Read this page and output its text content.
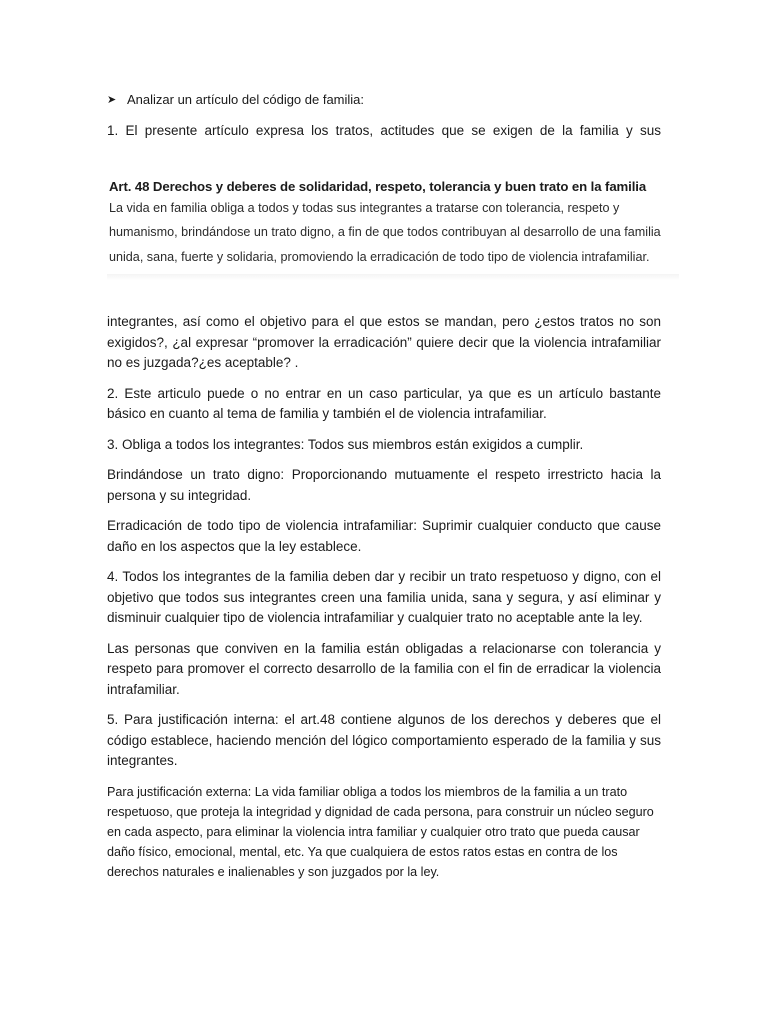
➤ Analizar un artículo del código de familia:
1. El presente artículo expresa los tratos, actitudes que se exigen de la familia y sus
Art. 48 Derechos y deberes de solidaridad, respeto, tolerancia y buen trato en la familia
La vida en familia obliga a todos y todas sus integrantes a tratarse con tolerancia, respeto y
humanismo, brindándose un trato digno, a fin de que todos contribuyan al desarrollo de una familia
unida, sana, fuerte y solidaria, promoviendo la erradicación de todo tipo de violencia intrafamiliar.

integrantes, así como el objetivo para el que estos se mandan, pero ¿estos tratos no son exigidos?, ¿al expresar “promover la erradicación” quiere decir que la violencia intrafamiliar no es juzgada?¿es aceptable? .

2. Este articulo puede o no entrar en un caso particular, ya que es un artículo bastante básico en cuanto al tema de familia y también el de violencia intrafamiliar.

3. Obliga a todos los integrantes: Todos sus miembros están exigidos a cumplir.

Brindándose un trato digno: Proporcionando mutuamente el respeto irrestricto hacia la persona y su integridad.

Erradicación de todo tipo de violencia intrafamiliar: Suprimir cualquier conducto que cause daño en los aspectos que la ley establece.

4. Todos los integrantes de la familia deben dar y recibir un trato respetuoso y digno, con el objetivo que todos sus integrantes creen una familia unida, sana y segura, y así eliminar y disminuir cualquier tipo de violencia intrafamiliar y cualquier trato no aceptable ante la ley.

Las personas que conviven en la familia están obligadas a relacionarse con tolerancia y respeto para promover el correcto desarrollo de la familia con el fin de erradicar la violencia intrafamiliar.

5. Para justificación interna: el art.48 contiene algunos de los derechos y deberes que el código establece, haciendo mención del lógico comportamiento esperado de la familia y sus integrantes.

Para justificación externa: La vida familiar obliga a todos los miembros de la familia a un trato respetuoso, que proteja la integridad y dignidad de cada persona, para construir un núcleo seguro en cada aspecto, para eliminar la violencia intra familiar y cualquier otro trato que pueda causar daño físico, emocional, mental, etc. Ya que cualquiera de estos ratos estas en contra de los derechos naturales e inalienables y son juzgados por la ley.
